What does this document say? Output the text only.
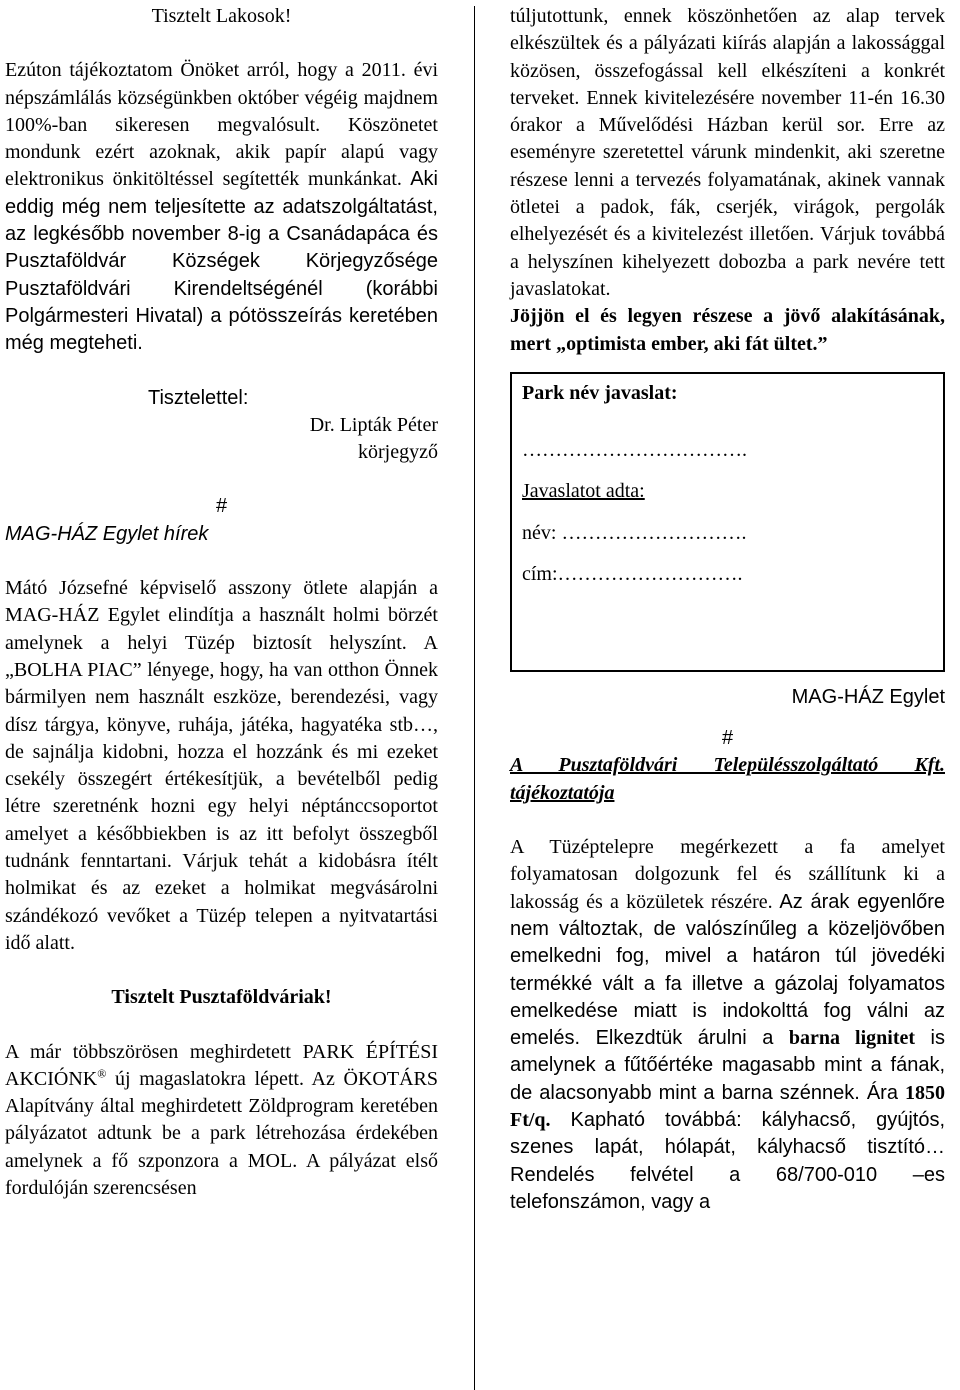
Tisztelt Lakosok!

Ezúton tájékoztatom Önöket arról, hogy a 2011. évi népszámlálás községünkben október végéig majdnem 100%-ban sikeresen megvalósult. Köszönetet mondunk ezért azoknak, akik papír alapú vagy elektronikus önkitöltéssel segítették munkánkat. Aki eddig még nem teljesítette az adatszolgáltatást, az legkésőbb november 8-ig a Csanádapáca és Pusztaföldvár Községek Körjegyzősége Pusztaföldvári Kirendeltségénél (korábbi Polgármesteri Hivatal) a pótösszeírás keretében még megteheti.

Tisztelettel:

Dr. Lipták Péter

körjegyző

#

MAG-HÁZ Egylet hírek

Mátó Józsefné képviselő asszony ötlete alapján a MAG-HÁZ Egylet elindítja a használt holmi börzét amelynek a helyi Tüzép biztosít helyszínt. A „BOLHA PIAC” lényege, hogy, ha van otthon Önnek bármilyen nem használt eszköze, berendezési, vagy dísz tárgya, könyve, ruhája, játéka, hagyatéka stb…, de sajnálja kidobni, hozza el hozzánk és mi ezeket csekély összegért értékesítjük, a bevételből pedig létre szeretnénk hozni egy helyi néptánccsoportot amelyet a későbbiekben is az itt befolyt összegből tudnánk fenntartani. Várjuk tehát a kidobásra ítélt holmikat és az ezeket a holmikat megvásárolni szándékozó vevőket a Tüzép telepen a nyitvatartási idő alatt.

Tisztelt Pusztaföldváriak!

A már többszörösen meghirdetett PARK ÉPÍTÉSI AKCIÓNK® új magaslatokra lépett. Az ÖKOTÁRS Alapítvány által meghirdetett Zöldprogram keretében pályázatot adtunk be a park létrehozása érdekében amelynek a fő szponzora a MOL. A pályázat első fordulóján szerencsésen

túljutottunk, ennek köszönhetően az alap tervek elkészültek és a pályázati kiírás alapján a lakossággal közösen, összefogással kell elkészíteni a konkrét terveket. Ennek kivitelezésére november 11-én 16.30 órakor a Művelődési Házban kerül sor. Erre az eseményre szeretettel várunk mindenkit, aki szeretne részese lenni a tervezés folyamatának, akinek vannak ötletei a padok, fák, cserjék, virágok, pergolák elhelyezését és a kivitelezést illetően. Várjuk továbbá a helyszínen kihelyezett dobozba a park nevére tett javaslatokat.

Jöjjön el és legyen részese a jövő alakításának, mert „optimista ember, aki fát ültet.”

Park név javaslat:

…………………………….

Javaslatot adta:

név: ……………………….

cím:……………………….

MAG-HÁZ Egylet

#

A Pusztaföldvári Településszolgáltató Kft. tájékoztatója

A Tüzéptelepre megérkezett a fa amelyet folyamatosan dolgozunk fel és szállítunk ki a lakosság és a közületek részére. Az árak egyenlőre nem változtak, de valószínűleg a közeljövőben emelkedni fog, mivel a határon túl jövedéki termékké vált a fa illetve a gázolaj folyamatos emelkedése miatt is indokolttá fog válni az emelés. Elkezdtük árulni a barna lignitet is amelynek a fűtőértéke magasabb mint a fának, de alacsonyabb mint a barna szénnek. Ára 1850 Ft/q. Kapható továbbá: kályhacső, gyújtós, szenes lapát, hólapát, kályhacső tisztító… Rendelés felvétel a 68/700-010 –es telefonszámon, vagy a
